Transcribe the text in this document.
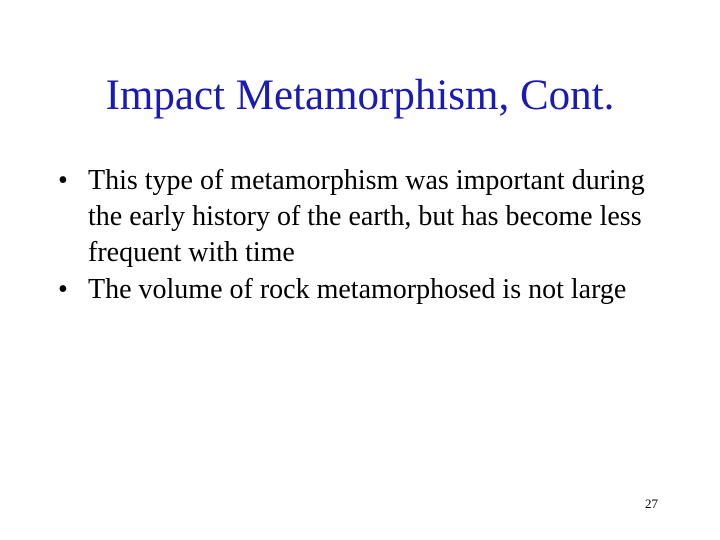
Impact Metamorphism, Cont.
• This type of metamorphism was important during the early history of the earth, but has become less frequent with time
• The volume of rock metamorphosed is not large
27
